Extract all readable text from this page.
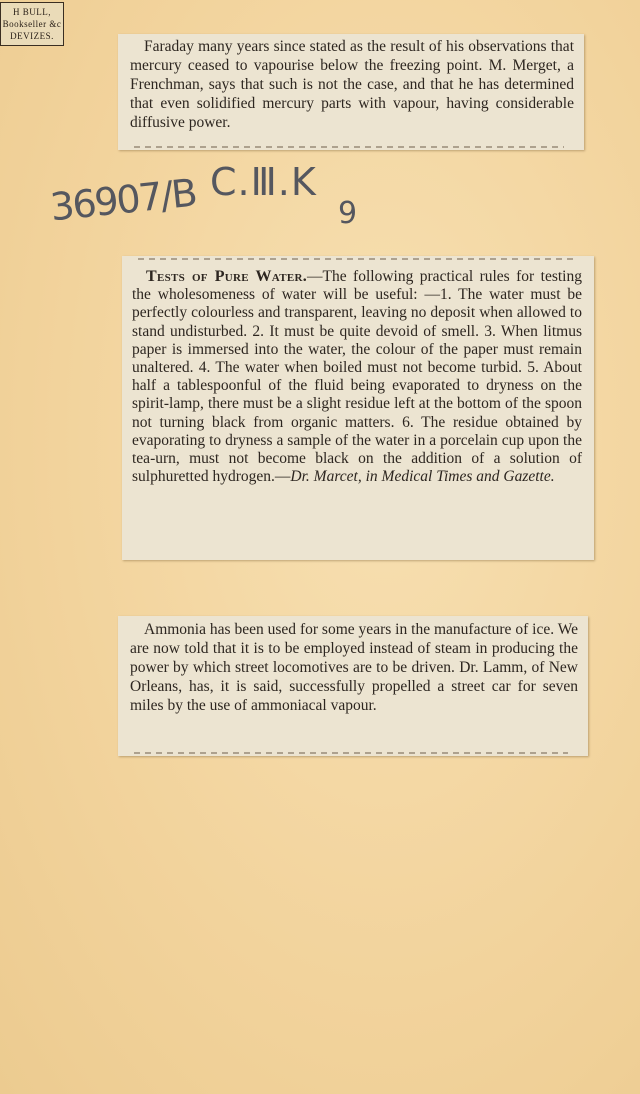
H BULL,
Bookseller &c
DEVIZES.

Faraday many years since stated as the result of his observations that mercury ceased to vapourise below the freezing point. M. Merget, a Frenchman, says that such is not the case, and that he has determined that even solidified mercury parts with vapour, having considerable diffusive power.

36907/B C.Ⅲ.K
9

Tests of Pure Water.—The following practical rules for testing the wholesomeness of water will be useful: —1. The water must be perfectly colourless and transparent, leaving no deposit when allowed to stand undisturbed. 2. It must be quite devoid of smell. 3. When litmus paper is immersed into the water, the colour of the paper must remain unaltered. 4. The water when boiled must not become turbid. 5. About half a tablespoonful of the fluid being evaporated to dryness on the spirit-lamp, there must be a slight residue left at the bottom of the spoon not turning black from organic matters. 6. The residue obtained by evaporating to dryness a sample of the water in a porcelain cup upon the tea-urn, must not become black on the addition of a solution of sulphuretted hydrogen.—Dr. Marcet, in Medical Times and Gazette.

Ammonia has been used for some years in the manufacture of ice. We are now told that it is to be employed instead of steam in producing the power by which street locomotives are to be driven. Dr. Lamm, of New Orleans, has, it is said, successfully propelled a street car for seven miles by the use of ammoniacal vapour.
